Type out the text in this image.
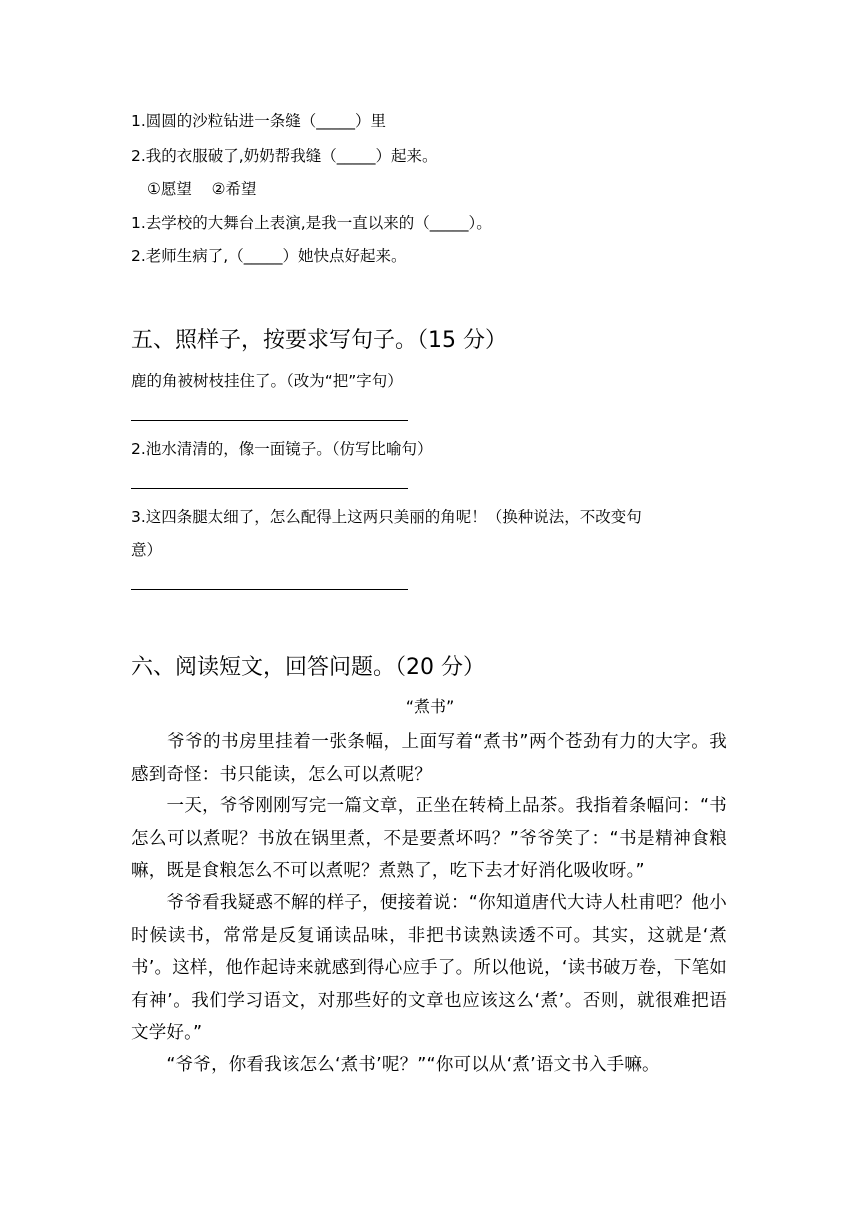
1.圆圆的沙粒钻进一条缝（_____）里
2.我的衣服破了,奶奶帮我缝（_____）起来。
①愿望    ②希望
1.去学校的大舞台上表演,是我一直以来的（_____）。
2.老师生病了,（_____）她快点好起来。
五、照样子，按要求写句子。（15 分）
鹿的角被树枝挂住了。（改为“把”字句）
2.池水清清的，像一面镜子。（仿写比喻句）
3.这四条腿太细了，怎么配得上这两只美丽的角呢！（换种说法，不改变句
意）
六、阅读短文，回答问题。（20 分）
“煮书”
　　爷爷的书房里挂着一张条幅，上面写着“煮书”两个苍劲有力的大字。我感到奇怪：书只能读，怎么可以煮呢？
　　一天，爷爷刚刚写完一篇文章，正坐在转椅上品茶。我指着条幅问：“书怎么可以煮呢？书放在锅里煮，不是要煮坏吗？”爷爷笑了：“书是精神食粮嘛，既是食粮怎么不可以煮呢？煮熟了，吃下去才好消化吸收呀。”
　　爷爷看我疑惑不解的样子，便接着说：“你知道唐代大诗人杜甫吧？他小时候读书，常常是反复诵读品味，非把书读熟读透不可。其实，这就是‘煮书’。这样，他作起诗来就感到得心应手了。所以他说，‘读书破万卷，下笔如有神’。我们学习语文，对那些好的文章也应该这么‘煮’。否则，就很难把语文学好。”
　　“爷爷，你看我该怎么‘煮书’呢？”“你可以从‘煮’语文书入手嘛。
